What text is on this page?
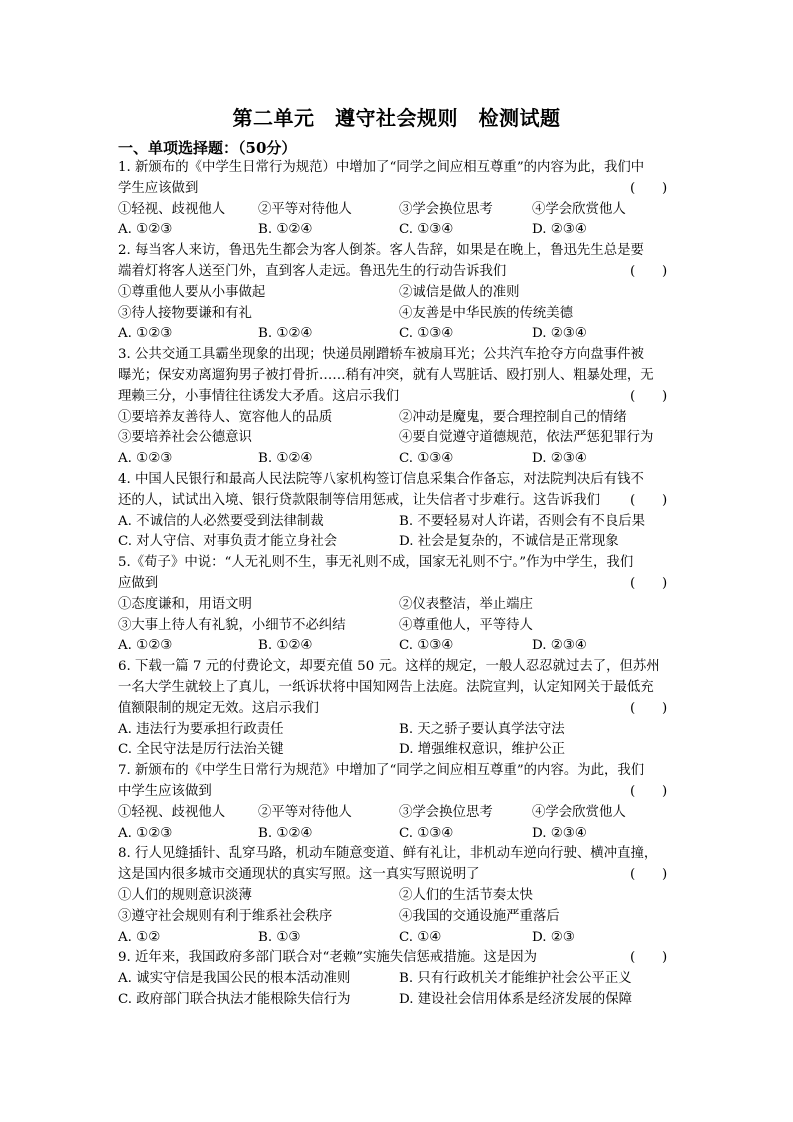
第二单元　遵守社会规则　检测试题
一、单项选择题：（50分）
1. 新颁布的《中学生日常行为规范）中增加了“同学之间应相互尊重”的内容为此，我们中
学生应该做到	(　　)
①轻视、歧视他人 ②平等对待他人	③学会换位思考	④学会欣赏他人
A. ①②③	B. ①②④	C. ①③④	D. ②③④
2. 每当客人来访，鲁迅先生都会为客人倒茶。客人告辞，如果是在晚上，鲁迅先生总是要
端着灯将客人送至门外，直到客人走远。鲁迅先生的行动告诉我们	(　　)
①尊重他人要从小事做起	②诚信是做人的准则
③待人接物要谦和有礼	④友善是中华民族的传统美德
A. ①②③	B. ①②④	C. ①③④	D. ②③④
3. 公共交通工具霸坐现象的出现；快递员剐蹭轿车被扇耳光；公共汽车抢夺方向盘事件被
曝光；保安劝离遛狗男子被打骨折……稍有冲突，就有人骂脏话、殴打别人、粗暴处理，无
理赖三分，小事情往往诱发大矛盾。这启示我们	(　　)
①要培养友善待人、宽容他人的品质	②冲动是魔鬼，要合理控制自己的情绪
③要培养社会公德意识	④要自觉遵守道德规范，依法严惩犯罪行为
A. ①②③	B. ①②④	C. ①③④	D. ②③④
4. 中国人民银行和最高人民法院等八家机构签订信息采集合作备忘，对法院判决后有钱不
还的人，试试出入境、银行贷款限制等信用惩戒，让失信者寸步难行。这告诉我们 (　　)
A. 不诚信的人必然要受到法律制裁	B. 不要轻易对人许诺，否则会有不良后果
C. 对人守信、对事负责才能立身社会	D. 社会是复杂的，不诚信是正常现象
5.《荀子》中说：“人无礼则不生，事无礼则不成，国家无礼则不宁。”作为中学生，我们
应做到	(　　)
①态度谦和，用语文明	②仪表整洁，举止端庄
③大事上待人有礼貌，小细节不必纠结	④尊重他人，平等待人
A. ①②③	B. ①②④	C. ①③④	D. ②③④
6. 下载一篇 7 元的付费论文，却要充值 50 元。这样的规定，一般人忍忍就过去了，但苏州
一名大学生就较上了真儿，一纸诉状将中国知网告上法庭。法院宣判，认定知网关于最低充
值额限制的规定无效。这启示我们	(　　)
A. 违法行为要承担行政责任	B. 天之骄子要认真学法守法
C. 全民守法是厉行法治关键	D. 增强维权意识，维护公正
7. 新颁布的《中学生日常行为规范》中增加了“同学之间应相互尊重”的内容。为此，我们
中学生应该做到	(　　)
①轻视、歧视他人 ②平等对待他人	③学会换位思考	④学会欣赏他人
A. ①②③	B. ①②④	C. ①③④	D. ②③④
8. 行人见缝插针、乱穿马路，机动车随意变道、鲜有礼让，非机动车逆向行驶、横冲直撞，
这是国内很多城市交通现状的真实写照。这一真实写照说明了	(　　)
①人们的规则意识淡薄	②人们的生活节奏太快
③遵守社会规则有利于维系社会秩序	④我国的交通设施严重落后
A. ①②	B. ①③	C. ①④	D. ②③
9. 近年来，我国政府多部门联合对“老赖”实施失信惩戒措施。这是因为	(　　)
A. 诚实守信是我国公民的根本活动准则	B. 只有行政机关才能维护社会公平正义
C. 政府部门联合执法才能根除失信行为	D. 建设社会信用体系是经济发展的保障
